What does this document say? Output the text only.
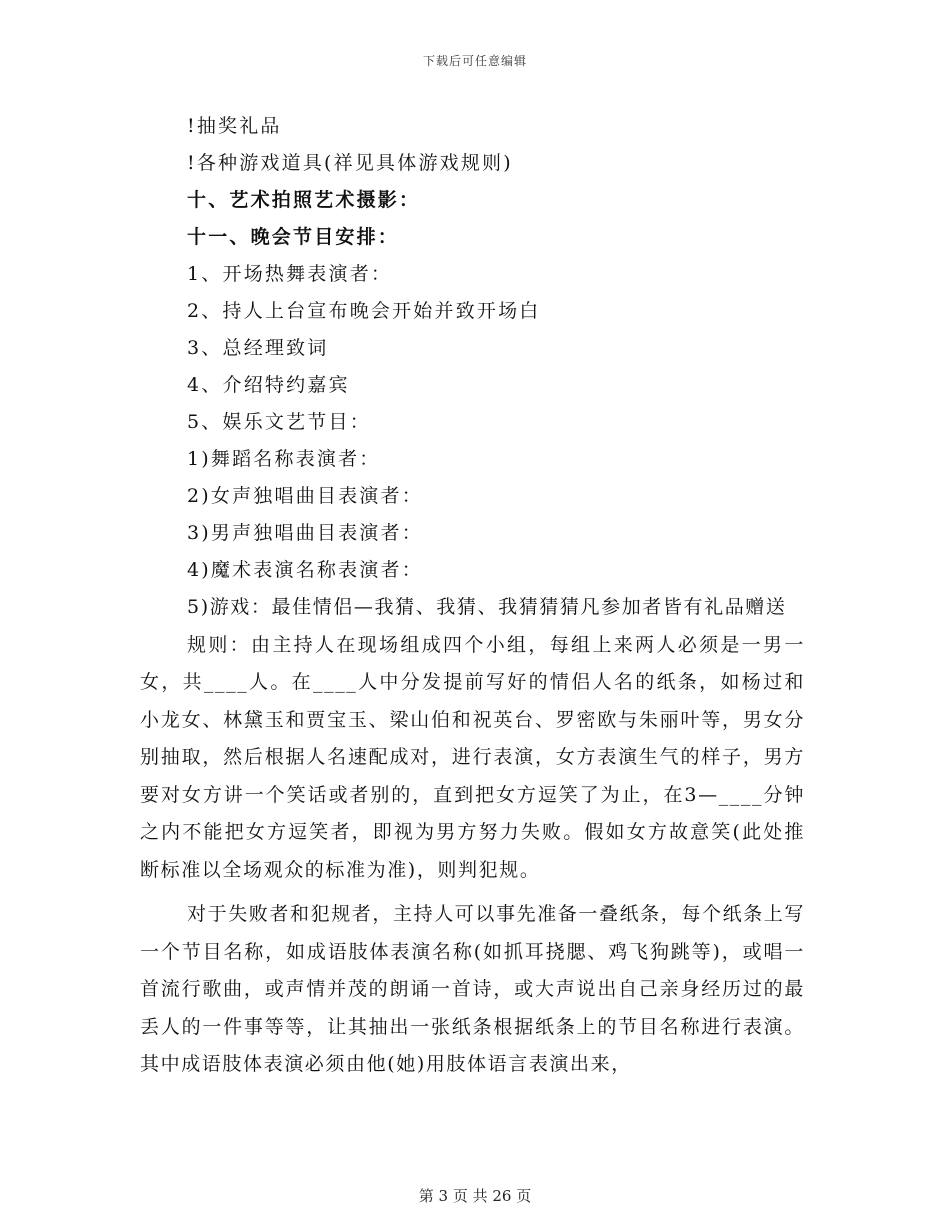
下载后可任意编辑
!抽奖礼品
!各种游戏道具(祥见具体游戏规则)
十、艺术拍照艺术摄影：
十一、晚会节目安排：
1、开场热舞表演者：
2、持人上台宣布晚会开始并致开场白
3、总经理致词
4、介绍特约嘉宾
5、娱乐文艺节目：
1)舞蹈名称表演者：
2)女声独唱曲目表演者：
3)男声独唱曲目表演者：
4)魔术表演名称表演者：

5)游戏：最佳情侣—我猜、我猜、我猜猜猜凡参加者皆有礼品赠送

规则：由主持人在现场组成四个小组，每组上来两人必须是一男一女，共____人。在____人中分发提前写好的情侣人名的纸条，如杨过和小龙女、林黛玉和贾宝玉、梁山伯和祝英台、罗密欧与朱丽叶等，男女分别抽取，然后根据人名速配成对，进行表演，女方表演生气的样子，男方要对女方讲一个笑话或者别的，直到把女方逗笑了为止，在3—____分钟之内不能把女方逗笑者，即视为男方努力失败。假如女方故意笑(此处推断标准以全场观众的标准为准)，则判犯规。

对于失败者和犯规者，主持人可以事先准备一叠纸条，每个纸条上写一个节目名称，如成语肢体表演名称(如抓耳挠腮、鸡飞狗跳等)，或唱一首流行歌曲，或声情并茂的朗诵一首诗，或大声说出自己亲身经历过的最丢人的一件事等等，让其抽出一张纸条根据纸条上的节目名称进行表演。其中成语肢体表演必须由他(她)用肢体语言表演出来，

第 3 页 共 26 页
